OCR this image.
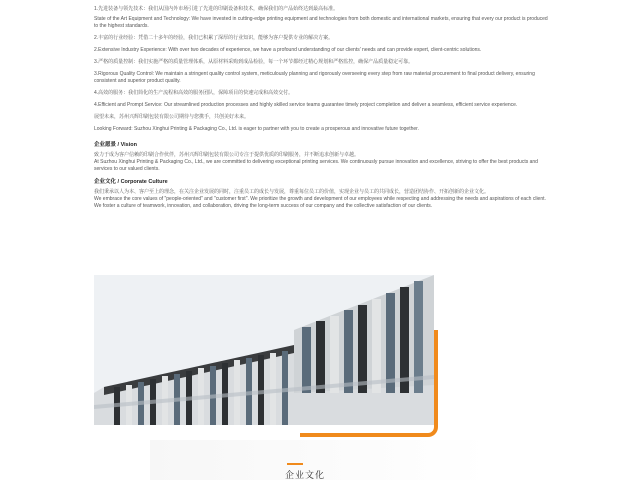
1.先进装备与领先技术：我们从国内外市场引进了先进的印刷设备和技术，确保我们的产品始终达到最高标准。

State of the Art Equipment and Technology: We have invested in cutting-edge printing equipment and technologies from both domestic and international markets, ensuring that every our product is produced to the highest standards.

2.丰富的行业经验：凭借二十多年的经验，我们已积累了深厚的行业知识，能够为客户提供专业的解决方案。

2.Extensive Industry Experience: With over two decades of experience, we have a profound understanding of our clients' needs and can provide expert, client-centric solutions.

3.严格的质量控制：我们实施严格的质量管理体系，从原材料采购到成品检验，每一个环节都经过精心规划和严格监控，确保产品质量稳定可靠。

3.Rigorous Quality Control: We maintain a stringent quality control system, meticulously planning and rigorously overseeing every step from raw material procurement to final product delivery, ensuring consistent and superior product quality.

4.高效的服务：我们简化的生产流程和高效的服务团队，保障项目的快速完成和高效交付。

4.Efficient and Prompt Service: Our streamlined production processes and highly skilled service teams guarantee timely project completion and deliver a seamless, efficient service experience.

展望未来，苏州兴辉印刷包装有限公司期待与您携手，共创美好未来。

Looking Forward: Suzhou Xinghui Printing & Packaging Co., Ltd. is eager to partner with you to create a prosperous and innovative future together.

企业愿景 / Vision

致力于成为客户信赖的印刷合作伙伴，苏州兴辉印刷包装有限公司专注于提供优质的印刷服务，并不断追求创新与卓越。

At Suzhou Xinghui Printing & Packaging Co., Ltd., we are committed to delivering exceptional printing services. We continuously pursue innovation and excellence, striving to offer the best products and services to our valued clients.

企业文化 / Corporate Culture

我们秉承以人为本、客户至上的理念，在关注企业发展的同时，注重员工的成长与发展，尊重每位员工的价值，实现企业与员工的共同成长，营造团结协作、开拓创新的企业文化。

We embrace the core values of "people-oriented" and "customer first". We prioritize the growth and development of our employees while respecting and addressing the needs and aspirations of each client. We foster a culture of teamwork, innovation, and collaboration, driving the long-term success of our company and the collective satisfaction of our clients.

企业文化
